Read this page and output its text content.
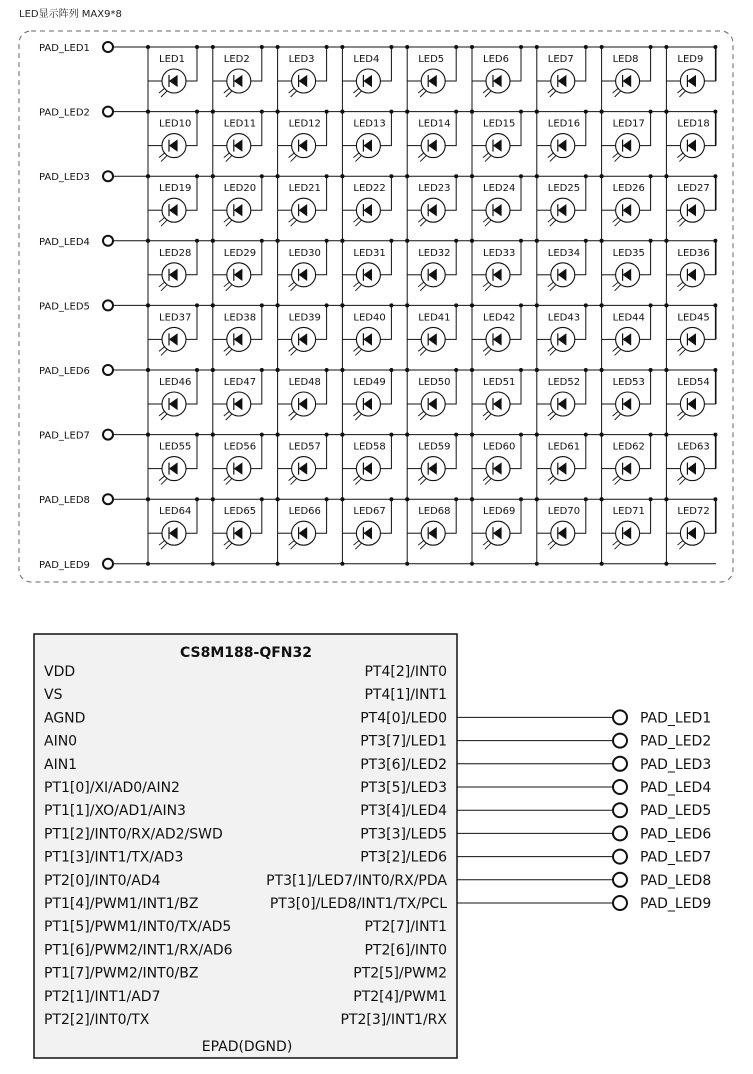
LED显示阵列 MAX9*8
PAD_LED1
PAD_LED2
PAD_LED3
PAD_LED4
PAD_LED5
PAD_LED6
PAD_LED7
PAD_LED8
PAD_LED9
LED1	LED2	LED3	LED4	LED5	LED6	LED7	LED8	LED9
LED10	LED11	LED12	LED13	LED14	LED15	LED16	LED17	LED18
LED19	LED20	LED21	LED22	LED23	LED24	LED25	LED26	LED27
LED28	LED29	LED30	LED31	LED32	LED33	LED34	LED35	LED36
LED37	LED38	LED39	LED40	LED41	LED42	LED43	LED44	LED45
LED46	LED47	LED48	LED49	LED50	LED51	LED52	LED53	LED54
LED55	LED56	LED57	LED58	LED59	LED60	LED61	LED62	LED63
LED64	LED65	LED66	LED67	LED68	LED69	LED70	LED71	LED72
CS8M188-QFN32
EPAD(DGND)
VDD
VS
AGND
AIN0
AIN1
PT1[0]/XI/AD0/AIN2
PT1[1]/XO/AD1/AIN3
PT1[2]/INT0/RX/AD2/SWD
PT1[3]/INT1/TX/AD3
PT2[0]/INT0/AD4
PT1[4]/PWM1/INT1/BZ
PT1[5]/PWM1/INT0/TX/AD5
PT1[6]/PWM2/INT1/RX/AD6
PT1[7]/PWM2/INT0/BZ
PT2[1]/INT1/AD7
PT2[2]/INT0/TX
PT4[2]/INT0
PT4[1]/INT1
PT4[0]/LED0
PT3[7]/LED1
PT3[6]/LED2
PT3[5]/LED3
PT3[4]/LED4
PT3[3]/LED5
PT3[2]/LED6
PT3[1]/LED7/INT0/RX/PDA
PT3[0]/LED8/INT1/TX/PCL
PT2[7]/INT1
PT2[6]/INT0
PT2[5]/PWM2
PT2[4]/PWM1
PT2[3]/INT1/RX
PAD_LED1
PAD_LED2
PAD_LED3
PAD_LED4
PAD_LED5
PAD_LED6
PAD_LED7
PAD_LED8
PAD_LED9
